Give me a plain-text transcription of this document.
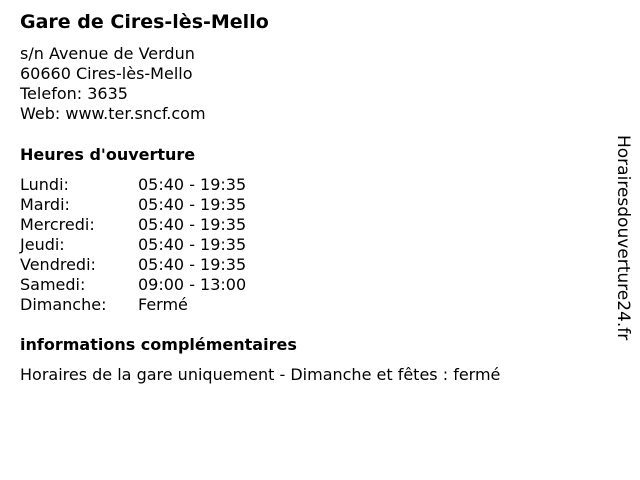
Gare de Cires-lès-Mello
s/n Avenue de Verdun
60660 Cires-lès-Mello
Telefon: 3635
Web: www.ter.sncf.com
Heures d'ouverture
Lundi:	05:40 - 19:35
Mardi:	05:40 - 19:35
Mercredi:	05:40 - 19:35
Jeudi:	05:40 - 19:35
Vendredi:	05:40 - 19:35
Samedi:	09:00 - 13:00
Dimanche:	Fermé
informations complémentaires
Horaires de la gare uniquement - Dimanche et fêtes : fermé
Horairesdouverture24.fr
